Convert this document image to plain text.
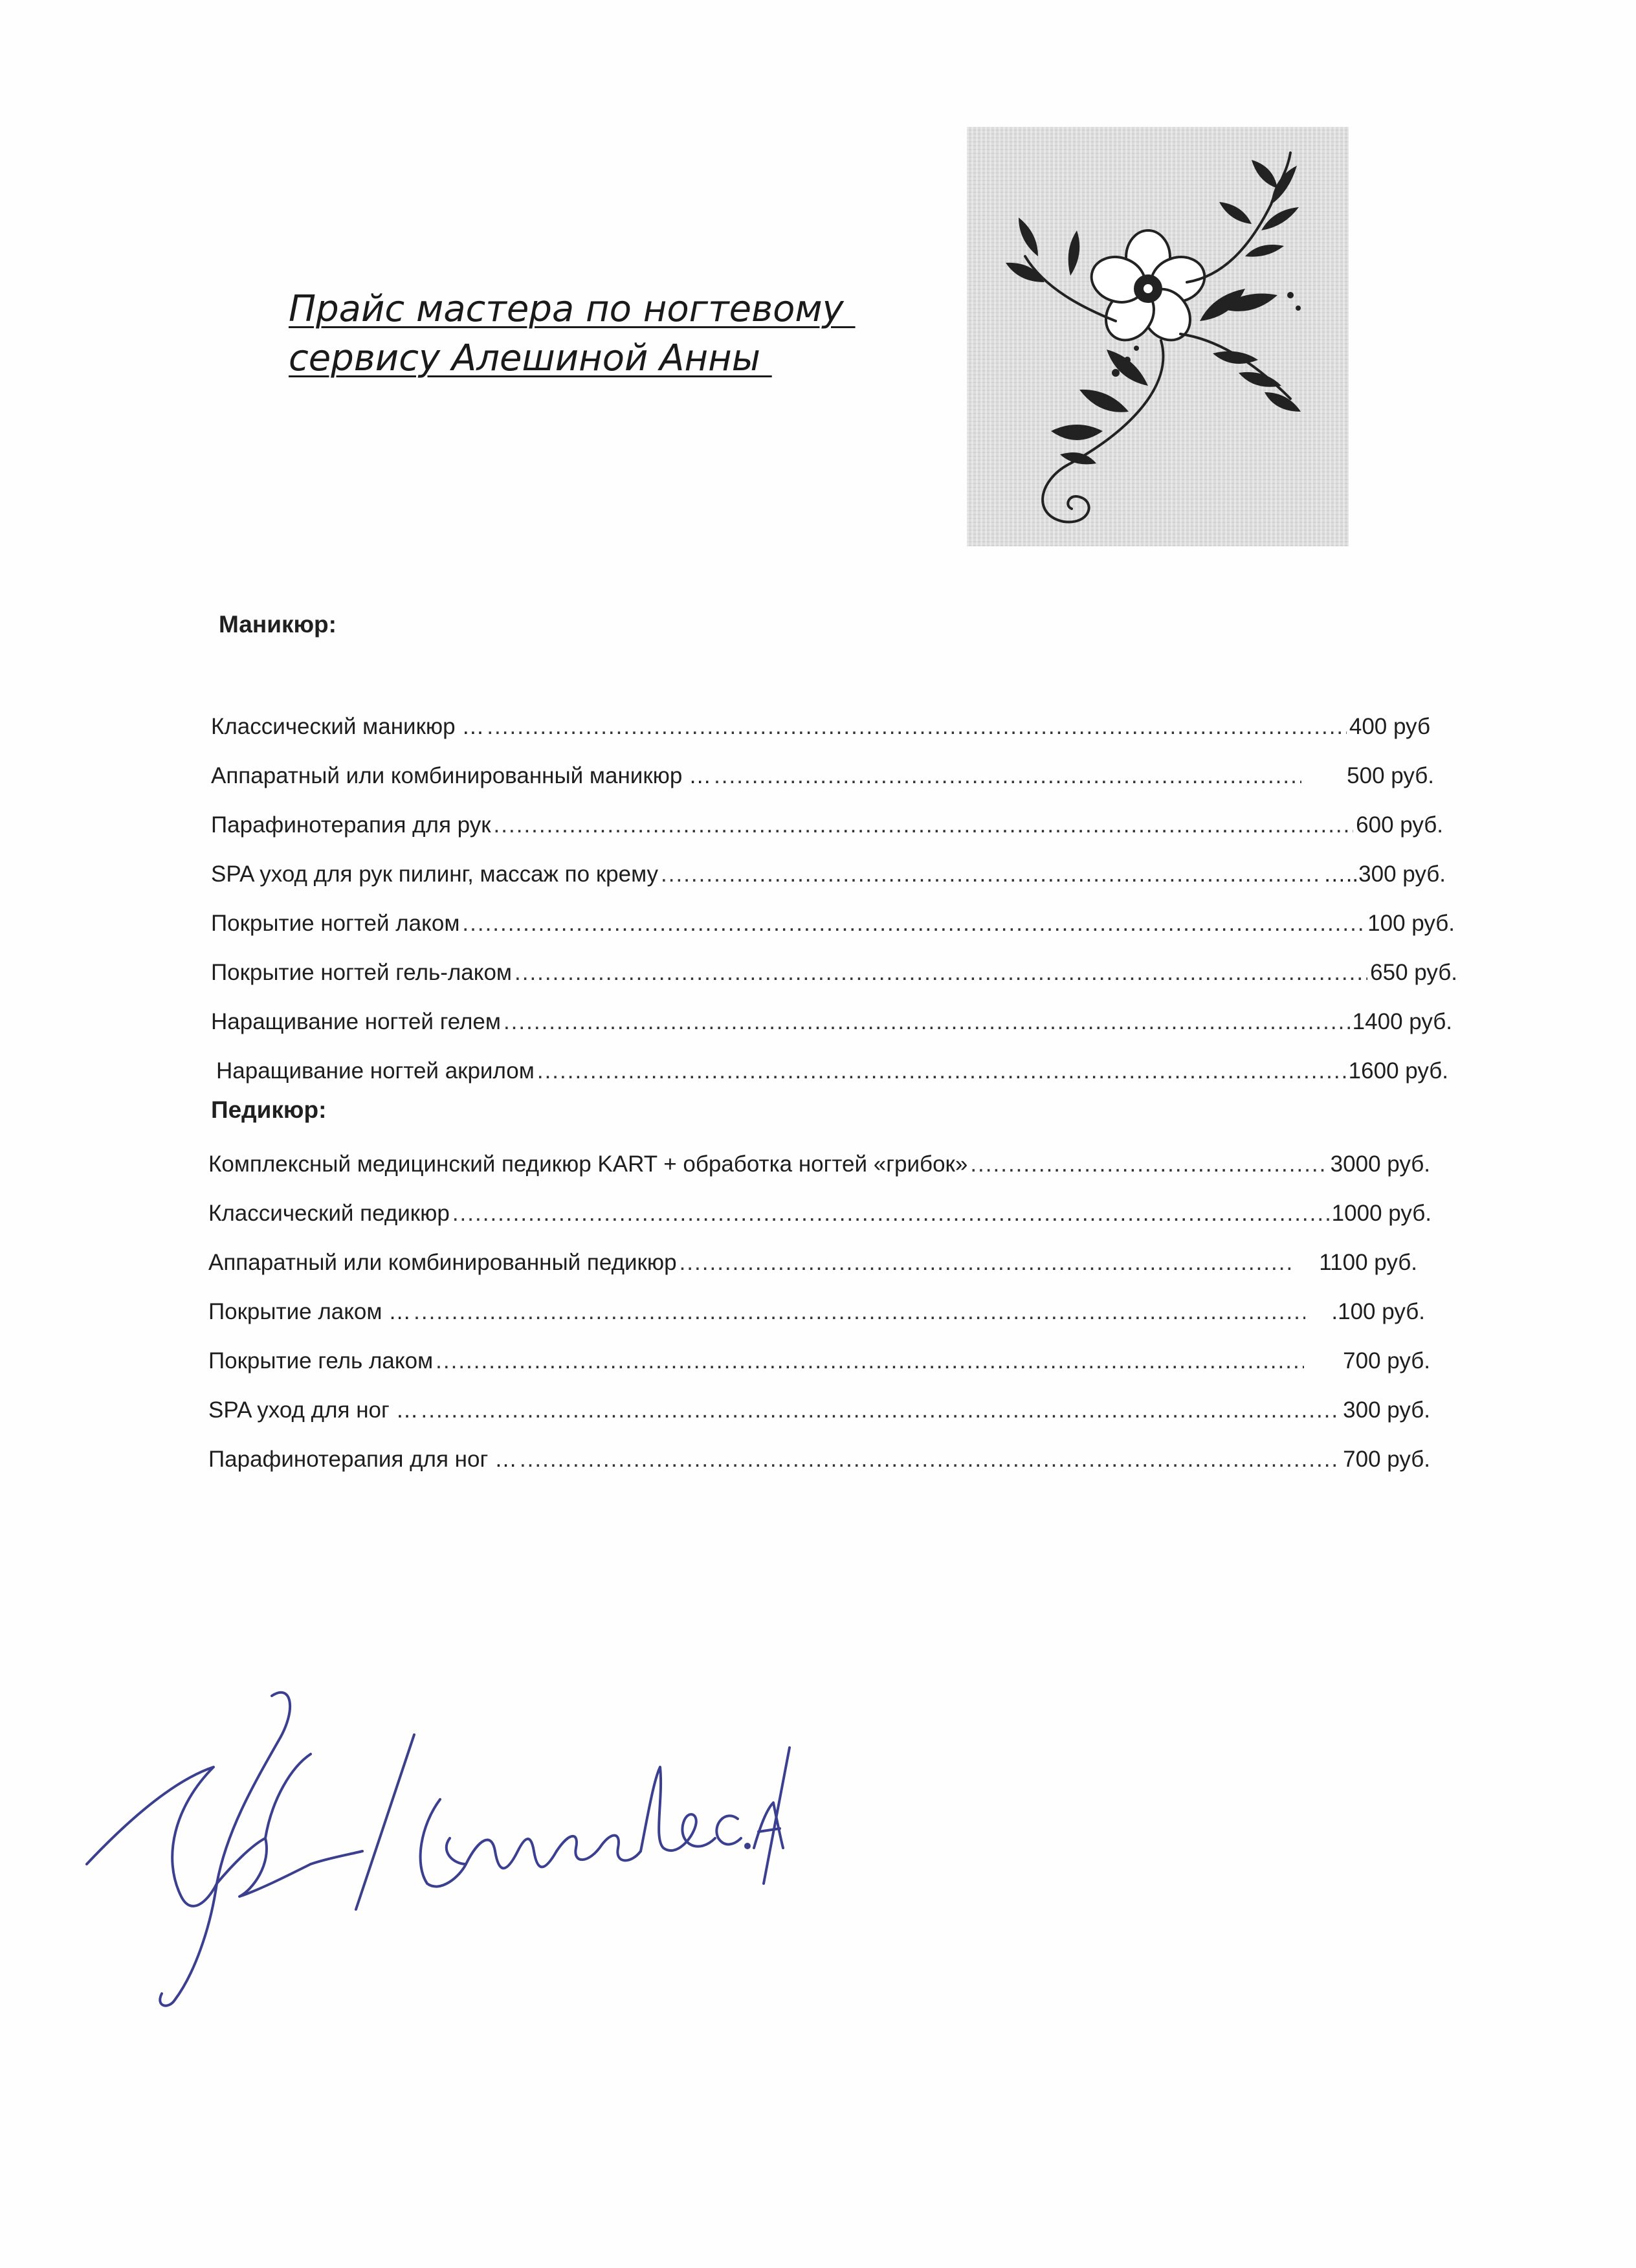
Прайс мастера по ногтевому
сервису Алешиной Анны
Маникюр:
Классический маникюр … .....	400 руб
Аппаратный или комбинированный маникюр … .....	500 руб.
Парафинотерапия для рук .....	600 руб.
SPA уход для рук пилинг, массаж по крему .....	…..300 руб.
Покрытие ногтей лаком .....	100 руб.
Покрытие ногтей гель-лаком .....	650 руб.
Наращивание ногтей гелем .....	1400 руб.
Наращивание ногтей акрилом .....	1600 руб.
Педикюр:
Комплексный медицинский педикюр KART + обработка ногтей «грибок» .....	3000 руб.
Классический педикюр .....	1000 руб.
Аппаратный или комбинированный педикюр .....	1100 руб.
Покрытие лаком … .....	.100 руб.
Покрытие гель лаком .....	700 руб.
SPA уход для ног … .....	300 руб.
Парафинотерапия для ног … .....	700 руб.
